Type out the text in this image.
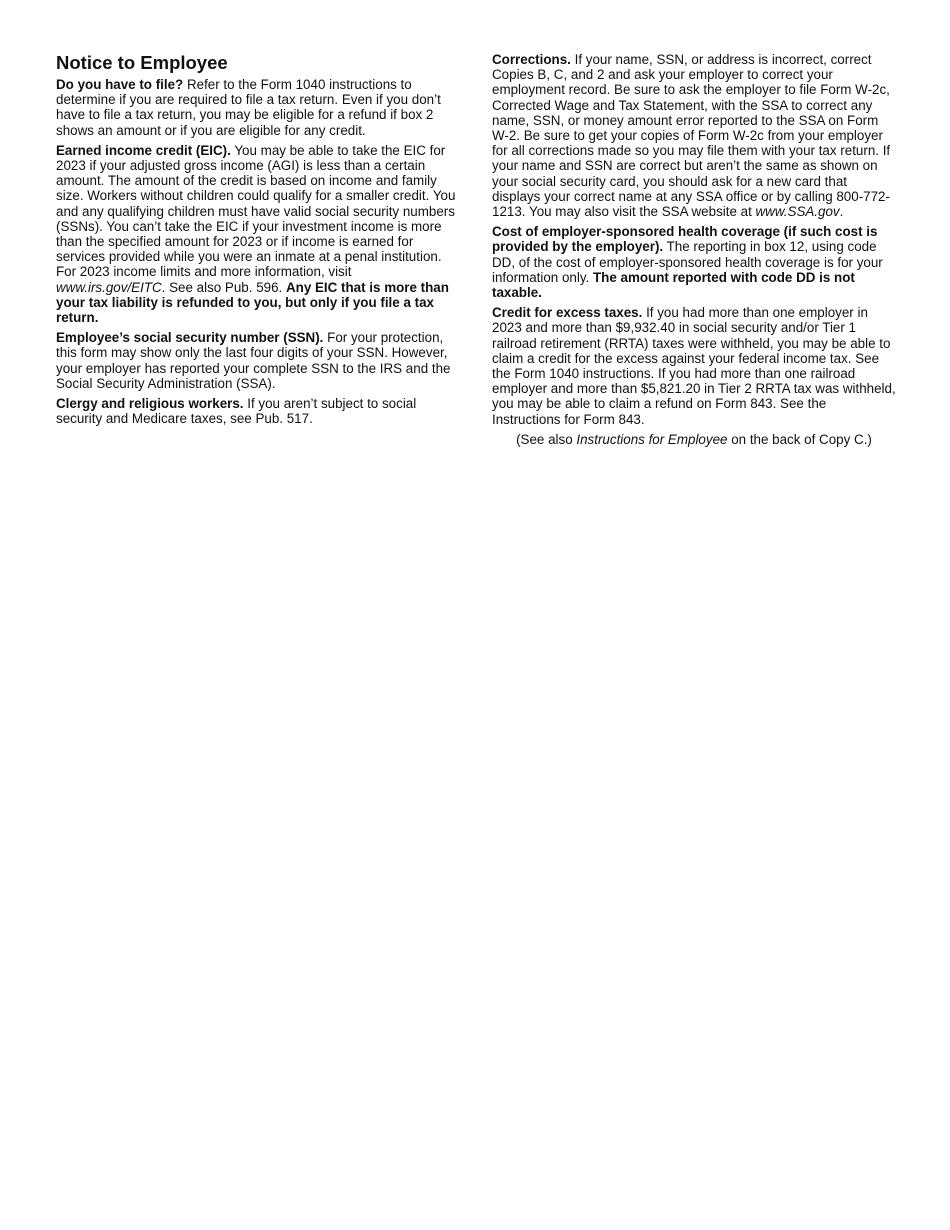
Notice to Employee

Do you have to file? Refer to the Form 1040 instructions to determine if you are required to file a tax return. Even if you don’t have to file a tax return, you may be eligible for a refund if box 2 shows an amount or if you are eligible for any credit.

Earned income credit (EIC). You may be able to take the EIC for 2023 if your adjusted gross income (AGI) is less than a certain amount. The amount of the credit is based on income and family size. Workers without children could qualify for a smaller credit. You and any qualifying children must have valid social security numbers (SSNs). You can’t take the EIC if your investment income is more than the specified amount for 2023 or if income is earned for services provided while you were an inmate at a penal institution. For 2023 income limits and more information, visit www.irs.gov/EITC. See also Pub. 596. Any EIC that is more than your tax liability is refunded to you, but only if you file a tax return.

Employee’s social security number (SSN). For your protection, this form may show only the last four digits of your SSN. However, your employer has reported your complete SSN to the IRS and the Social Security Administration (SSA).

Clergy and religious workers. If you aren’t subject to social security and Medicare taxes, see Pub. 517.

Corrections. If your name, SSN, or address is incorrect, correct Copies B, C, and 2 and ask your employer to correct your employment record. Be sure to ask the employer to file Form W-2c, Corrected Wage and Tax Statement, with the SSA to correct any name, SSN, or money amount error reported to the SSA on Form W-2. Be sure to get your copies of Form W-2c from your employer for all corrections made so you may file them with your tax return. If your name and SSN are correct but aren’t the same as shown on your social security card, you should ask for a new card that displays your correct name at any SSA office or by calling 800-772-1213. You may also visit the SSA website at www.SSA.gov.

Cost of employer-sponsored health coverage (if such cost is provided by the employer). The reporting in box 12, using code DD, of the cost of employer-sponsored health coverage is for your information only. The amount reported with code DD is not taxable.

Credit for excess taxes. If you had more than one employer in 2023 and more than $9,932.40 in social security and/or Tier 1 railroad retirement (RRTA) taxes were withheld, you may be able to claim a credit for the excess against your federal income tax. See the Form 1040 instructions. If you had more than one railroad employer and more than $5,821.20 in Tier 2 RRTA tax was withheld, you may be able to claim a refund on Form 843. See the Instructions for Form 843.

(See also Instructions for Employee on the back of Copy C.)
